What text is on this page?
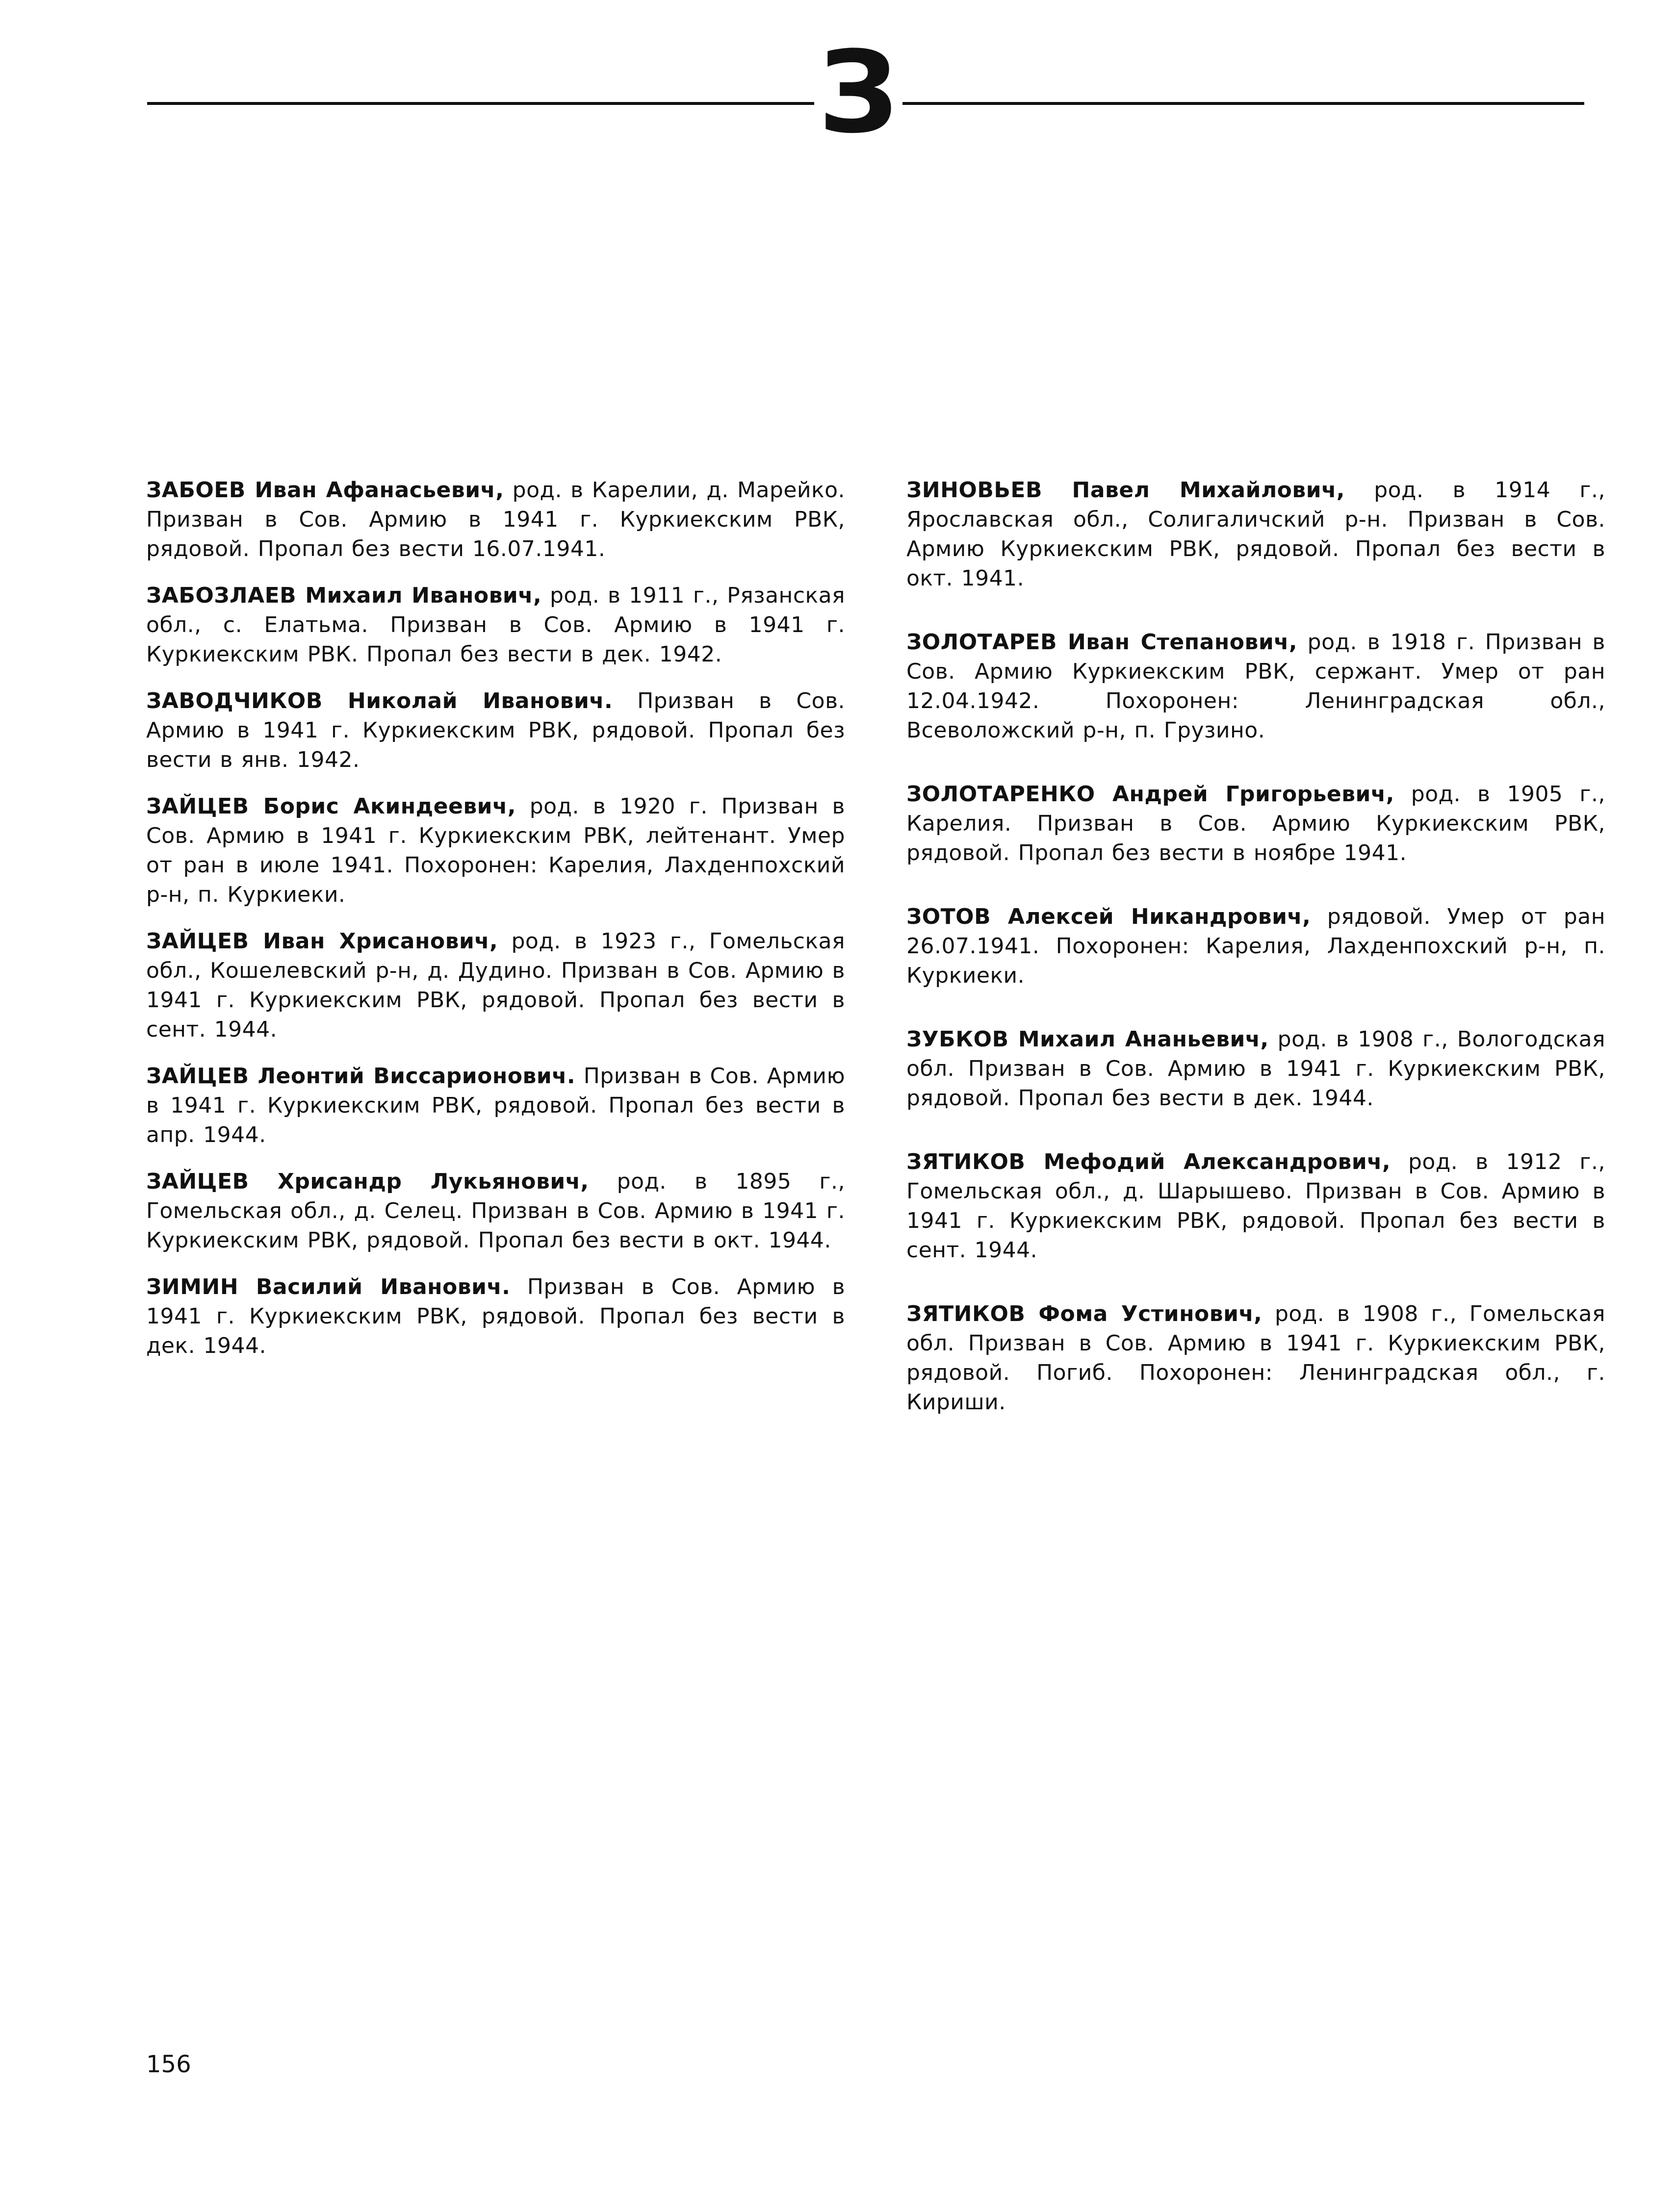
З

ЗАБОЕВ Иван Афанасьевич, род. в Карелии, д. Марейко. Призван в Сов. Армию в 1941 г. Куркиекским РВК, рядовой. Пропал без вести 16.07.1941.

ЗАБОЗЛАЕВ Михаил Иванович, род. в 1911 г., Рязанская обл., с. Елатьма. Призван в Сов. Армию в 1941 г. Куркиекским РВК. Пропал без вести в дек. 1942.

ЗАВОДЧИКОВ Николай Иванович. Призван в Сов. Армию в 1941 г. Куркиекским РВК, рядовой. Пропал без вести в янв. 1942.

ЗАЙЦЕВ Борис Акиндеевич, род. в 1920 г. Призван в Сов. Армию в 1941 г. Куркиекским РВК, лейтенант. Умер от ран в июле 1941. Похоронен: Карелия, Лахденпохский р-н, п. Куркиеки.

ЗАЙЦЕВ Иван Хрисанович, род. в 1923 г., Гомельская обл., Кошелевский р-н, д. Дудино. Призван в Сов. Армию в 1941 г. Куркиекским РВК, рядовой. Пропал без вести в сент. 1944.

ЗАЙЦЕВ Леонтий Виссарионович. Призван в Сов. Армию в 1941 г. Куркиекским РВК, рядовой. Пропал без вести в апр. 1944.

ЗАЙЦЕВ Хрисандр Лукьянович, род. в 1895 г., Гомельская обл., д. Селец. Призван в Сов. Армию в 1941 г. Куркиекским РВК, рядовой. Пропал без вести в окт. 1944.

ЗИМИН Василий Иванович. Призван в Сов. Армию в 1941 г. Куркиекским РВК, рядовой. Пропал без вести в дек. 1944.

ЗИНОВЬЕВ Павел Михайлович, род. в 1914 г., Ярославская обл., Солигаличский р-н. Призван в Сов. Армию Куркиекским РВК, рядовой. Пропал без вести в окт. 1941.

ЗОЛОТАРЕВ Иван Степанович, род. в 1918 г. Призван в Сов. Армию Куркиекским РВК, сержант. Умер от ран 12.04.1942. Похоронен: Ленинградская обл., Всеволожский р-н, п. Грузино.

ЗОЛОТАРЕНКО Андрей Григорьевич, род. в 1905 г., Карелия. Призван в Сов. Армию Куркиекским РВК, рядовой. Пропал без вести в ноябре 1941.

ЗОТОВ Алексей Никандрович, рядовой. Умер от ран 26.07.1941. Похоронен: Карелия, Лахденпохский р-н, п. Куркиеки.

ЗУБКОВ Михаил Ананьевич, род. в 1908 г., Вологодская обл. Призван в Сов. Армию в 1941 г. Куркиекским РВК, рядовой. Пропал без вести в дек. 1944.

ЗЯТИКОВ Мефодий Александрович, род. в 1912 г., Гомельская обл., д. Шарышево. Призван в Сов. Армию в 1941 г. Куркиекским РВК, рядовой. Пропал без вести в сент. 1944.

ЗЯТИКОВ Фома Устинович, род. в 1908 г., Гомельская обл. Призван в Сов. Армию в 1941 г. Куркиекским РВК, рядовой. Погиб. Похоронен: Ленинградская обл., г. Кириши.

156
